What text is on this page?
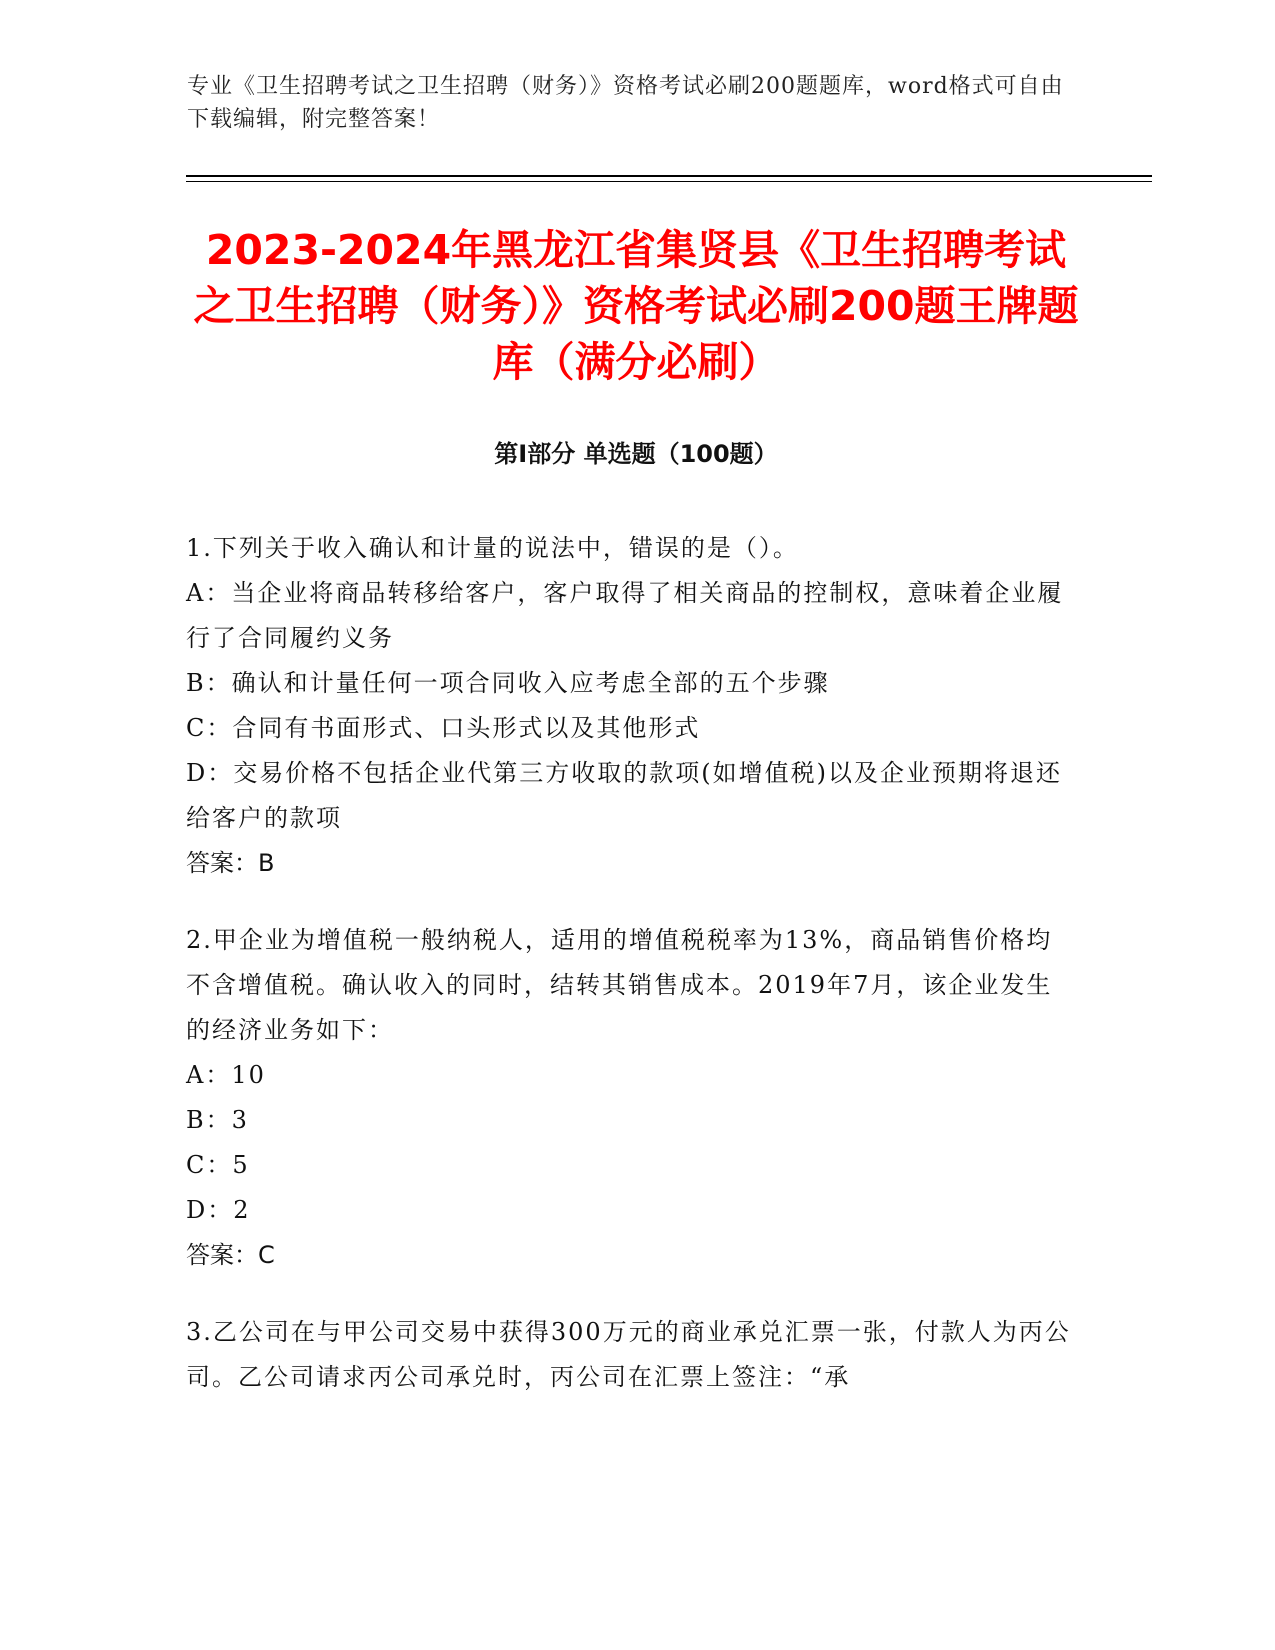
专业《卫生招聘考试之卫生招聘（财务）》资格考试必刷200题题库，word格式可自由下载编辑，附完整答案！
2023-2024年黑龙江省集贤县《卫生招聘考试之卫生招聘（财务）》资格考试必刷200题王牌题库（满分必刷）
第Ⅰ部分 单选题（100题）

1.下列关于收入确认和计量的说法中，错误的是（）。

A：当企业将商品转移给客户，客户取得了相关商品的控制权，意味着企业履行了合同履约义务

B：确认和计量任何一项合同收入应考虑全部的五个步骤

C：合同有书面形式、口头形式以及其他形式

D：交易价格不包括企业代第三方收取的款项(如增值税)以及企业预期将退还给客户的款项

答案：B

2.甲企业为增值税一般纳税人，适用的增值税税率为13%，商品销售价格均不含增值税。确认收入的同时，结转其销售成本。2019年7月，该企业发生的经济业务如下：

A：10

B：3

C：5

D：2

答案：C

3.乙公司在与甲公司交易中获得300万元的商业承兑汇票一张，付款人为丙公司。乙公司请求丙公司承兑时，丙公司在汇票上签注：“承
